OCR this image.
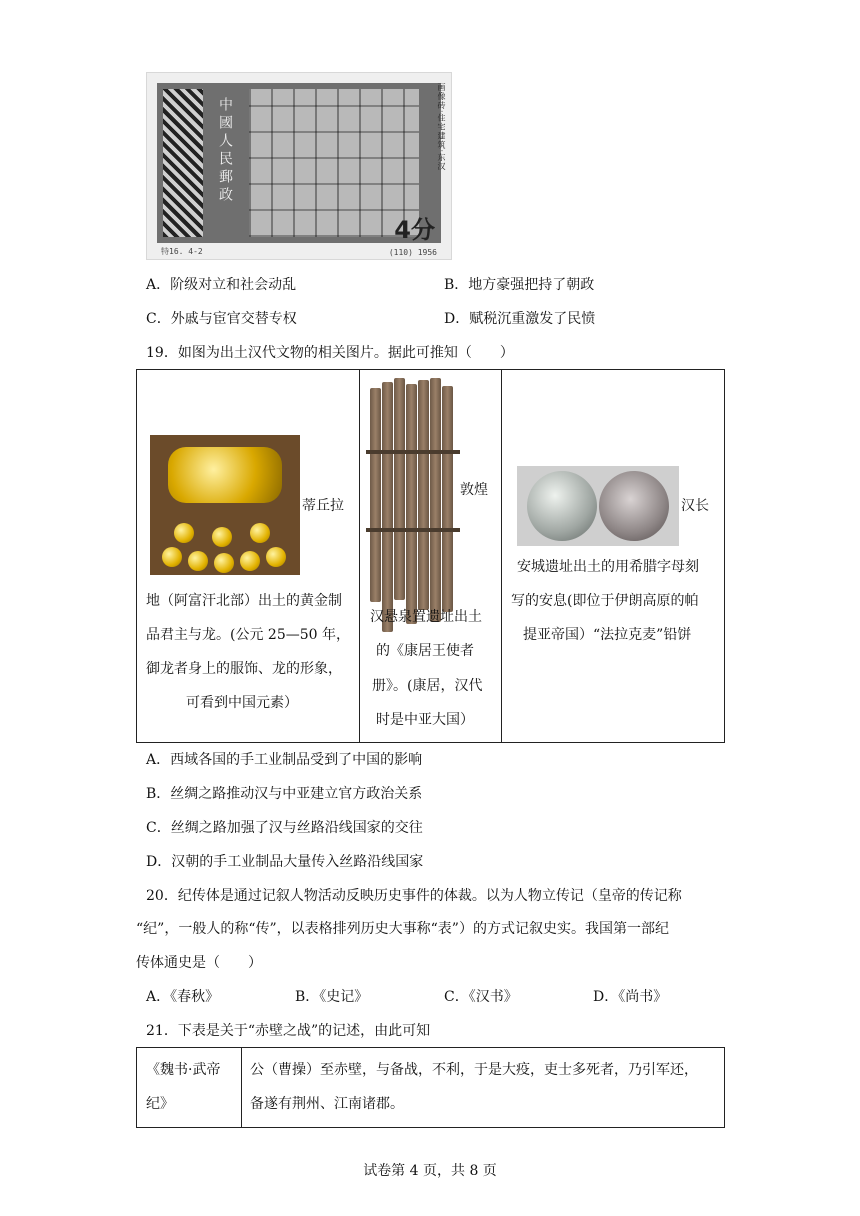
中國人民郵政	画像砖·住宅建筑·东汉
4分
特16. 4-2	(110) 1956
A．阶级对立和社会动乱	B．地方豪强把持了朝政
C．外戚与宦官交替专权	D．赋税沉重激发了民愤
19．如图为出土汉代文物的相关图片。据此可推知（　　）
蒂丘拉
地（阿富汗北部）出土的黄金制
品君主与龙。(公元 25—50 年，
御龙者身上的服饰、龙的形象，
可看到中国元素）
敦煌
汉悬泉置遗址出土
的《康居王使者
册》。(康居，汉代
时是中亚大国）
汉长
安城遗址出土的用希腊字母刻
写的安息(即位于伊朗高原的帕
提亚帝国）“法拉克麦”铅饼
A．西域各国的手工业制品受到了中国的影响
B．丝绸之路推动汉与中亚建立官方政治关系
C．丝绸之路加强了汉与丝路沿线国家的交往
D．汉朝的手工业制品大量传入丝路沿线国家
20．纪传体是通过记叙人物活动反映历史事件的体裁。以为人物立传记（皇帝的传记称
“纪”，一般人的称“传”，以表格排列历史大事称“表”）的方式记叙史实。我国第一部纪
传体通史是（　　）
A．《春秋》	B．《史记》	C．《汉书》	D．《尚书》
21．下表是关于“赤壁之战”的记述，由此可知
《魏书·武帝
纪》
公（曹操）至赤壁，与备战，不利，于是大疫，吏士多死者，乃引军还，
备遂有荆州、江南诸郡。
试卷第 4 页，共 8 页
